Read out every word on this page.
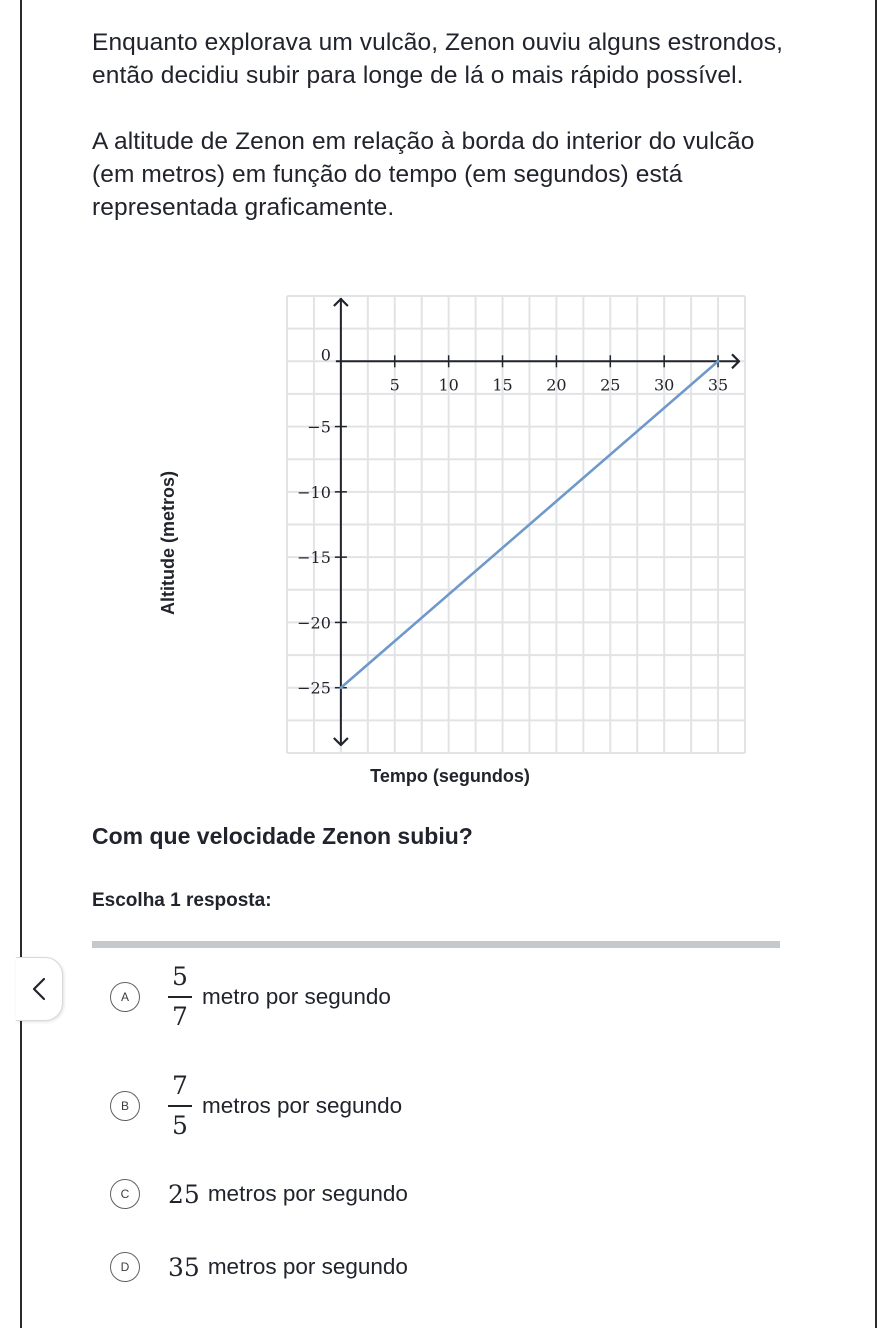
Enquanto explorava um vulcão, Zenon ouviu alguns estrondos, então decidiu subir para longe de lá o mais rápido possível.

A altitude de Zenon em relação à borda do interior do vulcão (em metros) em função do tempo (em segundos) está representada graficamente.

5 10 15 20 25 30 35
0
−5
−10
−15
−20
−25
Tempo (segundos)
Altitude (metros)

Com que velocidade Zenon subiu?

Escolha 1 resposta:

A	$\frac{5}{7}$ metro por segundo
B	$\frac{7}{5}$ metros por segundo
C	25 metros por segundo
D	35 metros por segundo
